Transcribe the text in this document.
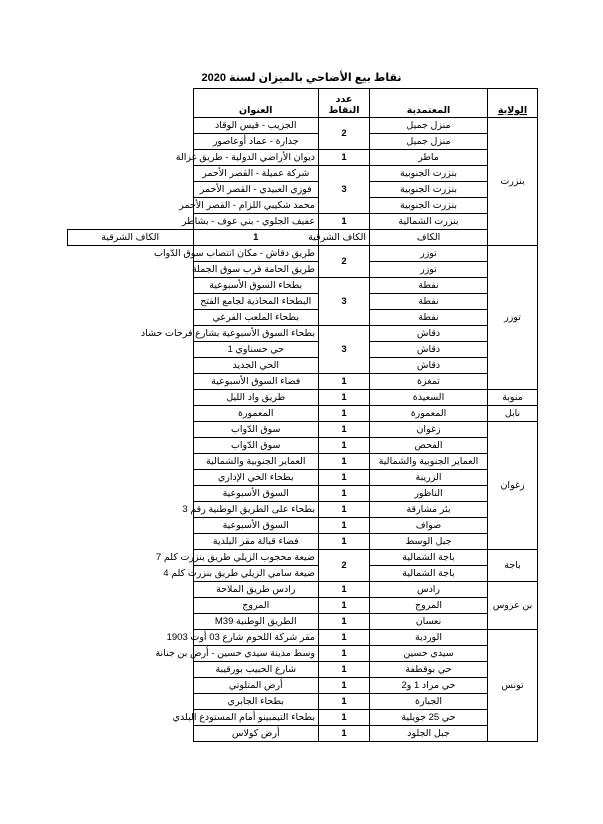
نقاط بيع الأضاحي بالميزان لسنة 2020
الولاية	المعتمدية	عدد النقاط	العنوان	
بنزرت	منزل جميل	2	الجزيب - قيس الوقاد	
	منزل جميل		جدارة - عماد أوعاصور	
	ماطر	1	ديوان الأراضي الدولية - طريق غزالة	
	بنزرت الجنوبية	3	شركة عميلة - القصر الأحمر	
	بنزرت الجنوبية		فوزي العبيدي - القصر الأحمر	
	بنزرت الجنوبية		محمد شكيبي اللزام - القصر الأحمر	
	بنزرت الشمالية	1	عفيف الجلوي - بني عوف - بشاطر	
	الكاف	الكاف الشرقية	1	الكاف الشرقية
توزر	توزر	2	طريق دقاش - مكان انتصاب سوق الدّواب	
	توزر		طريق الحامة قرب سوق الجملة	
	نفطة	3	بطحاء السوق الأسبوعية	
	نفطة		البطحاء المحاذية لجامع الفتح	
	نفطة		بطحاء الملعب الفرعي	
	دقاش	3	بطحاء السوق الأسبوعية بشارع فرحات حشاد	
	دقاش		حي حسناوي 1	
	دقاش		الحي الجديد	
	تمغزة	1	فضاء السوق الأسبوعية	
منوبة	السعيدة	1	طريق واد الليل	
نابل	المعمورة	1	المعمورة	
زغوان	زغوان	1	سوق الدّواب	
	الفحص	1	سوق الدّواب	
	العماير الجنوبية والشمالية	1	العماير الجنوبية والشمالية	
	الزريبة	1	بطحاء الحي الإداري	
	الناظور	1	السوق الأسبوعية	
	بئر مشارقة	1	بطحاء على الطريق الوطنية رقم 3	
	صواف	1	السوق الأسبوعية	
	جبل الوسط	1	فضاء قبالة مقر البلدية	
باجة	باجة الشمالية	2	ضيعة محجوب الزيلي طريق بنزرت كلم 7	
	باجة الشمالية		ضيعة سامي الزيلي طريق بنزرت كلم 4	
بن عروس	رادس	1	رادس طريق الملاحة	
	المروج	1	المروج	
	نعسان	1	الطريق الوطنية M39	
تونس	الوردية	1	مقر شركة اللحوم شارع 03 أوت 1903	
	سيدي حسين	1	وسط مدينة سيدي حسين - أرض بن جنانة	
	حي بوقطفة	1	شارع الحبيب بورقيبة	
	حي مراد 1 و2	1	أرض المتلوتي	
	الجبارة	1	بطحاء الجابري	
	حي 25 جويلية	1	بطحاء التيمبينو أمام المستودع البلدي	
	جبل الجلود	1	أرض كولاس	
